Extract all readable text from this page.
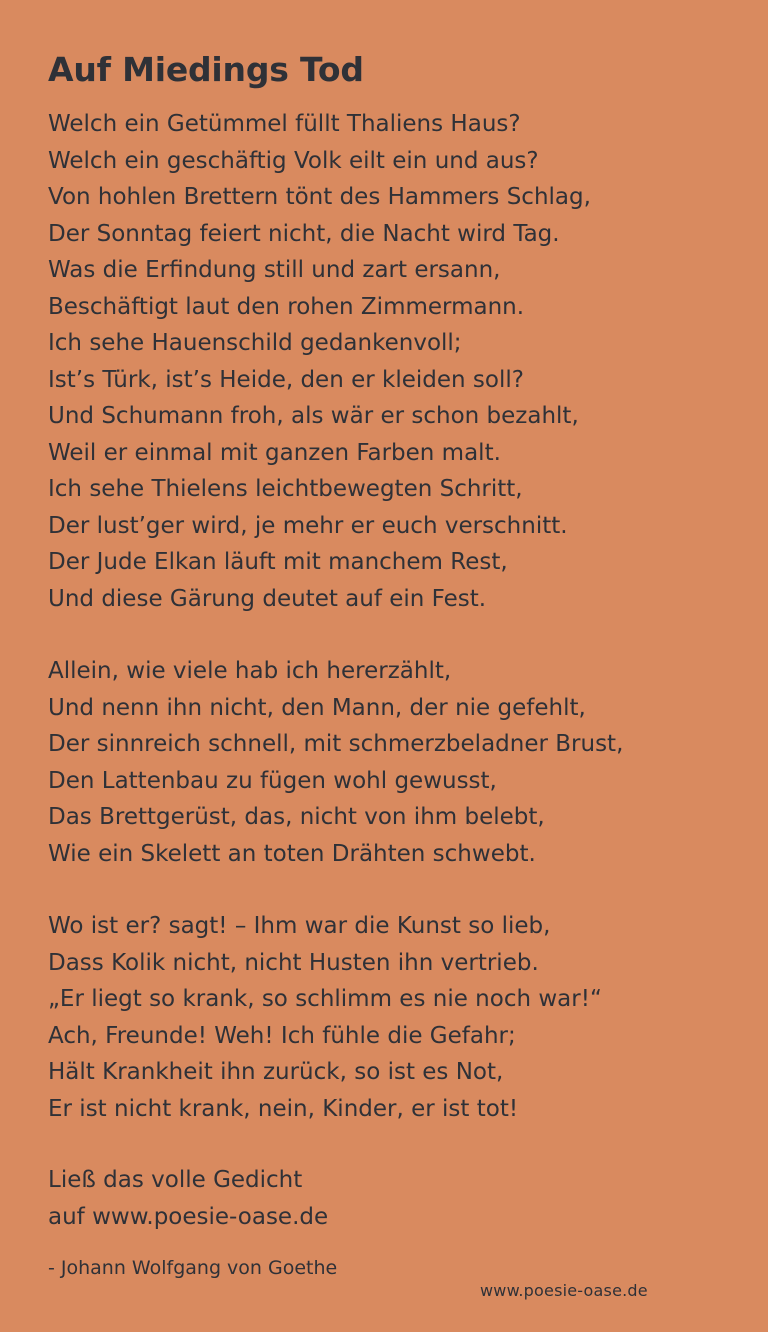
Auf Miedings Tod
Welch ein Getümmel füllt Thaliens Haus?
Welch ein geschäftig Volk eilt ein und aus?
Von hohlen Brettern tönt des Hammers Schlag,
Der Sonntag feiert nicht, die Nacht wird Tag.
Was die Erfindung still und zart ersann,
Beschäftigt laut den rohen Zimmermann.
Ich sehe Hauenschild gedankenvoll;
Ist’s Türk, ist’s Heide, den er kleiden soll?
Und Schumann froh, als wär er schon bezahlt,
Weil er einmal mit ganzen Farben malt.
Ich sehe Thielens leichtbewegten Schritt,
Der lust’ger wird, je mehr er euch verschnitt.
Der Jude Elkan läuft mit manchem Rest,
Und diese Gärung deutet auf ein Fest.
Allein, wie viele hab ich hererzählt,
Und nenn ihn nicht, den Mann, der nie gefehlt,
Der sinnreich schnell, mit schmerzbeladner Brust,
Den Lattenbau zu fügen wohl gewusst,
Das Brettgerüst, das, nicht von ihm belebt,
Wie ein Skelett an toten Drähten schwebt.
Wo ist er? sagt! – Ihm war die Kunst so lieb,
Dass Kolik nicht, nicht Husten ihn vertrieb.
„Er liegt so krank, so schlimm es nie noch war!“
Ach, Freunde! Weh! Ich fühle die Gefahr;
Hält Krankheit ihn zurück, so ist es Not,
Er ist nicht krank, nein, Kinder, er ist tot!
Ließ das volle Gedicht
auf www.poesie-oase.de
- Johann Wolfgang von Goethe
www.poesie-oase.de
